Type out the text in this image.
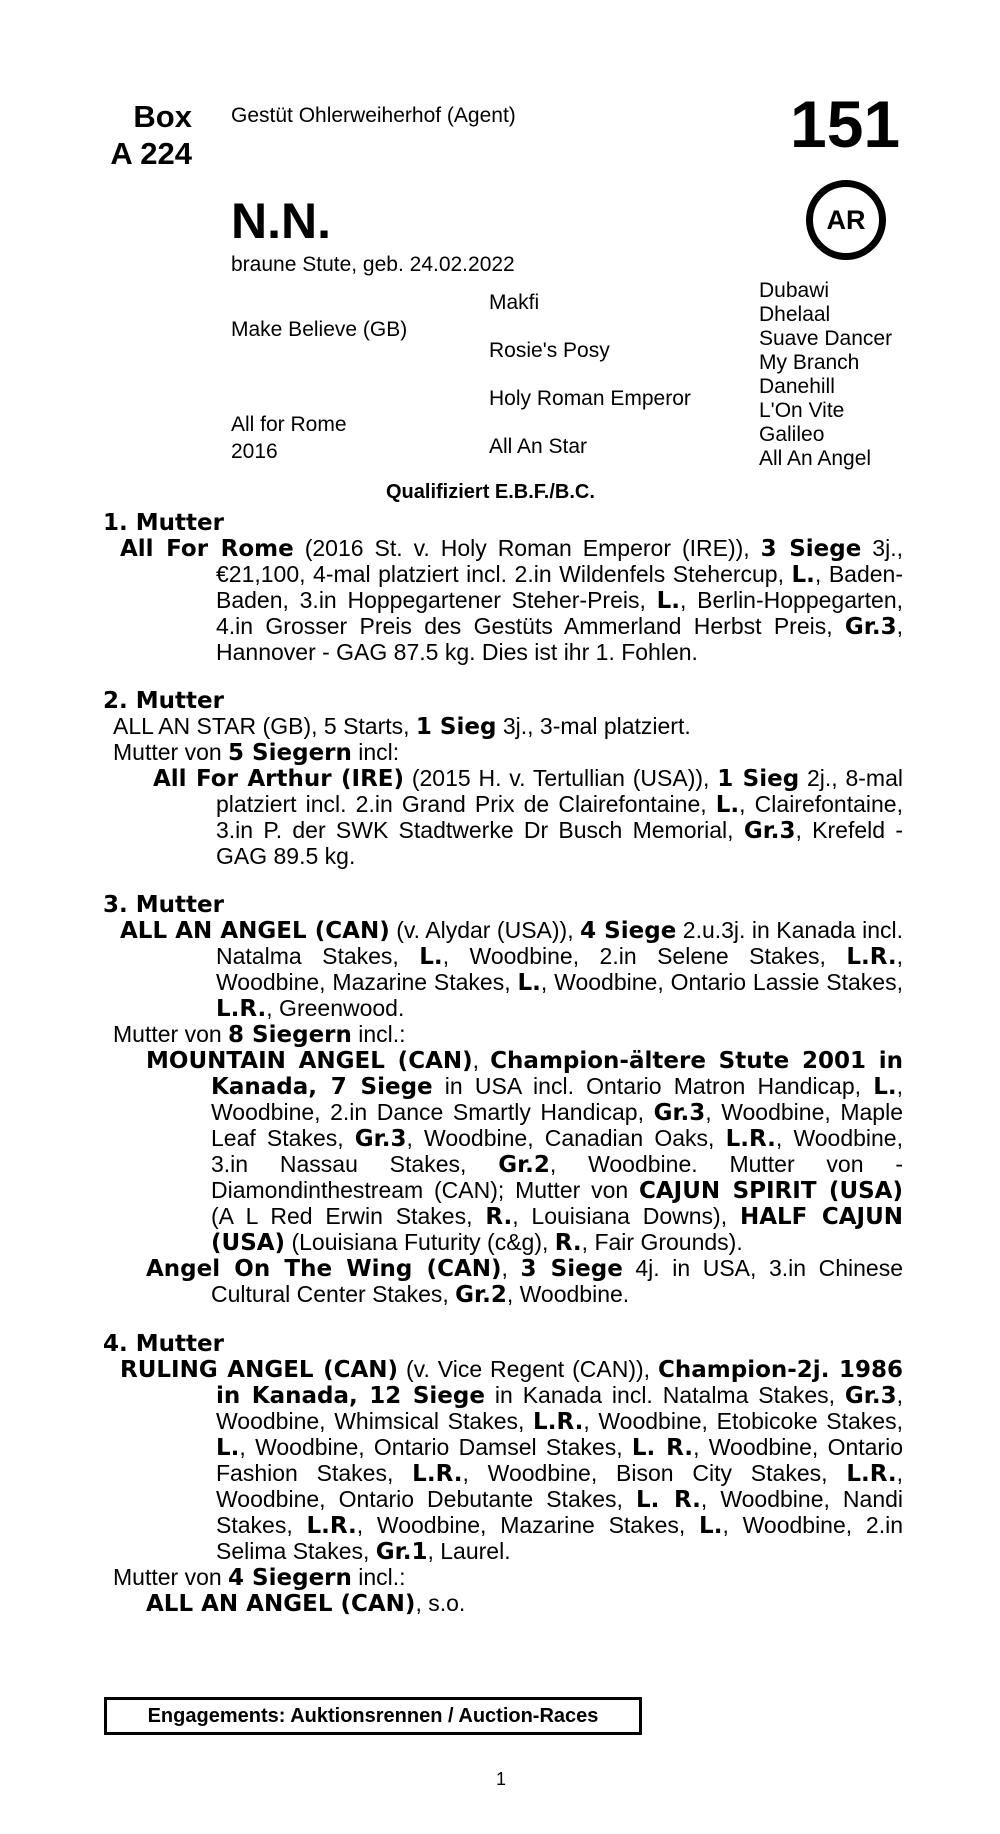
Box
A 224
Gestüt Ohlerweiherhof (Agent)	151
AR
N.N.
braune Stute, geb. 24.02.2022
Make Believe (GB)
All for Rome
2016
Makfi
Rosie's Posy
Holy Roman Emperor
All An Star
Dubawi
Dhelaal
Suave Dancer
My Branch
Danehill
L'On Vite
Galileo
All An Angel
Qualifiziert E.B.F./B.C.
1. Mutter

All For Rome (2016 St. v. Holy Roman Emperor (IRE)), 3 Siege 3j., €21,100, 4-mal platziert incl. 2.in Wildenfels Stehercup, L., Baden-Baden, 3.in Hoppegartener Steher-Preis, L., Berlin-Hoppegarten, 4.in Grosser Preis des Gestüts Ammerland Herbst Preis, Gr.3, Hannover - GAG 87.5 kg. Dies ist ihr 1. Fohlen.

2. Mutter

ALL AN STAR (GB), 5 Starts, 1 Sieg 3j., 3-mal platziert.

Mutter von 5 Siegern incl:

All For Arthur (IRE) (2015 H. v. Tertullian (USA)), 1 Sieg 2j., 8-mal platziert incl. 2.in Grand Prix de Clairefontaine, L., Clairefontaine, 3.in P. der SWK Stadtwerke Dr Busch Memorial, Gr.3, Krefeld - GAG 89.5 kg.

3. Mutter

ALL AN ANGEL (CAN) (v. Alydar (USA)), 4 Siege 2.u.3j. in Kanada incl. Natalma Stakes, L., Woodbine, 2.in Selene Stakes, L.R., Woodbine, Mazarine Stakes, L., Woodbine, Ontario Lassie Stakes, L.R., Greenwood.

Mutter von 8 Siegern incl.:

MOUNTAIN ANGEL (CAN), Champion-ältere Stute 2001 in Kanada, 7 Siege in USA incl. Ontario Matron Handicap, L., Woodbine, 2.in Dance Smartly Handicap, Gr.3, Woodbine, Maple Leaf Stakes, Gr.3, Woodbine, Canadian Oaks, L.R., Woodbine, 3.in Nassau Stakes, Gr.2, Woodbine. Mutter von - Diamondinthestream (CAN); Mutter von CAJUN SPIRIT (USA) (A L Red Erwin Stakes, R., Louisiana Downs), HALF CAJUN (USA) (Louisiana Futurity (c&g), R., Fair Grounds).

Angel On The Wing (CAN), 3 Siege 4j. in USA, 3.in Chinese Cultural Center Stakes, Gr.2, Woodbine.

4. Mutter

RULING ANGEL (CAN) (v. Vice Regent (CAN)), Champion-2j. 1986 in Kanada, 12 Siege in Kanada incl. Natalma Stakes, Gr.3, Woodbine, Whimsical Stakes, L.R., Woodbine, Etobicoke Stakes, L., Woodbine, Ontario Damsel Stakes, L. R., Woodbine, Ontario Fashion Stakes, L.R., Woodbine, Bison City Stakes, L.R., Woodbine, Ontario Debutante Stakes, L. R., Woodbine, Nandi Stakes, L.R., Woodbine, Mazarine Stakes, L., Woodbine, 2.in Selima Stakes, Gr.1, Laurel.

Mutter von 4 Siegern incl.:

ALL AN ANGEL (CAN), s.o.

Engagements: Auktionsrennen / Auction-Races
1
